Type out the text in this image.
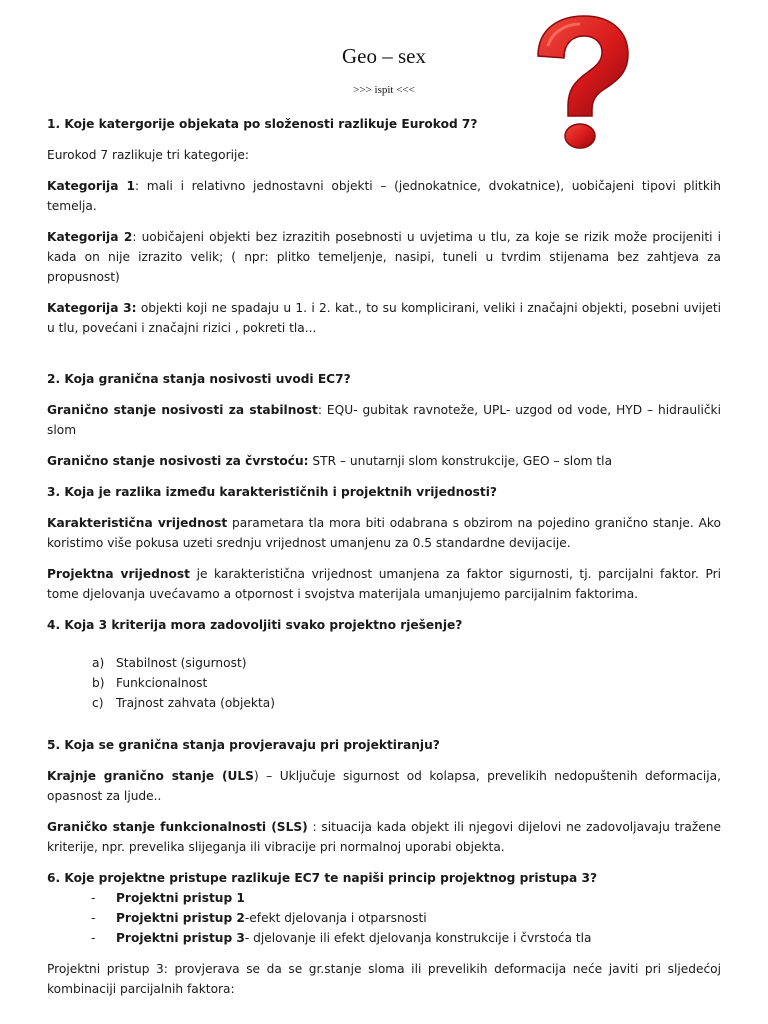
Geo – sex
>>> ispit <<<

1. Koje katergorije objekata po složenosti razlikuje Eurokod 7?

Eurokod 7 razlikuje tri kategorije:

Kategorija 1: mali i relativno jednostavni objekti – (jednokatnice, dvokatnice), uobičajeni tipovi plitkih temelja.

Kategorija 2: uobičajeni objekti bez izrazitih posebnosti u uvjetima u tlu, za koje se rizik može procijeniti i kada on nije izrazito velik; ( npr: plitko temeljenje, nasipi, tuneli u tvrdim stijenama bez zahtjeva za propusnost)

Kategorija 3: objekti koji ne spadaju u 1. i 2. kat., to su komplicirani, veliki i značajni objekti, posebni uvijeti u tlu, povećani i značajni rizici , pokreti tla...

2. Koja granična stanja nosivosti uvodi EC7?

Granično stanje nosivosti za stabilnost: EQU- gubitak ravnoteže, UPL- uzgod od vode, HYD – hidraulički slom

Granično stanje nosivosti za čvrstoću: STR – unutarnji slom konstrukcije, GEO – slom tla

3. Koja je razlika između karakterističnih i projektnih vrijednosti?

Karakteristična vrijednost parametara tla mora biti odabrana s obzirom na pojedino granično stanje. Ako koristimo više pokusa uzeti srednju vrijednost umanjenu za 0.5 standardne devijacije.

Projektna vrijednost je karakteristična vrijednost umanjena za faktor sigurnosti, tj. parcijalni faktor. Pri tome djelovanja uvećavamo a otpornost i svojstva materijala umanjujemo parcijalnim faktorima.

4. Koja 3 kriterija mora zadovoljiti svako projektno rješenje?

a) Stabilnost (sigurnost)
b) Funkcionalnost
c)	Trajnost zahvata (objekta)

5. Koja se granična stanja provjeravaju pri projektiranju?

Krajnje granično stanje (ULS) – Uključuje sigurnost od kolapsa, prevelikih nedopuštenih deformacija, opasnost za ljude..

Graničko stanje funkcionalnosti (SLS) : situacija kada objekt ili njegovi dijelovi ne zadovoljavaju tražene kriterije, npr. prevelika slijeganja ili vibracije pri normalnoj uporabi objekta.

6. Koje projektne pristupe razlikuje EC7 te napiši princip projektnog pristupa 3?

-	Projektni pristup 1
-	Projektni pristup 2-efekt djelovanja i otparsnosti
-	Projektni pristup 3- djelovanje ili efekt djelovanja konstrukcije i čvrstoća tla

Projektni pristup 3: provjerava se da se gr.stanje sloma ili prevelikih deformacija neće javiti pri sljedećoj kombinaciji parcijalnih faktora:
